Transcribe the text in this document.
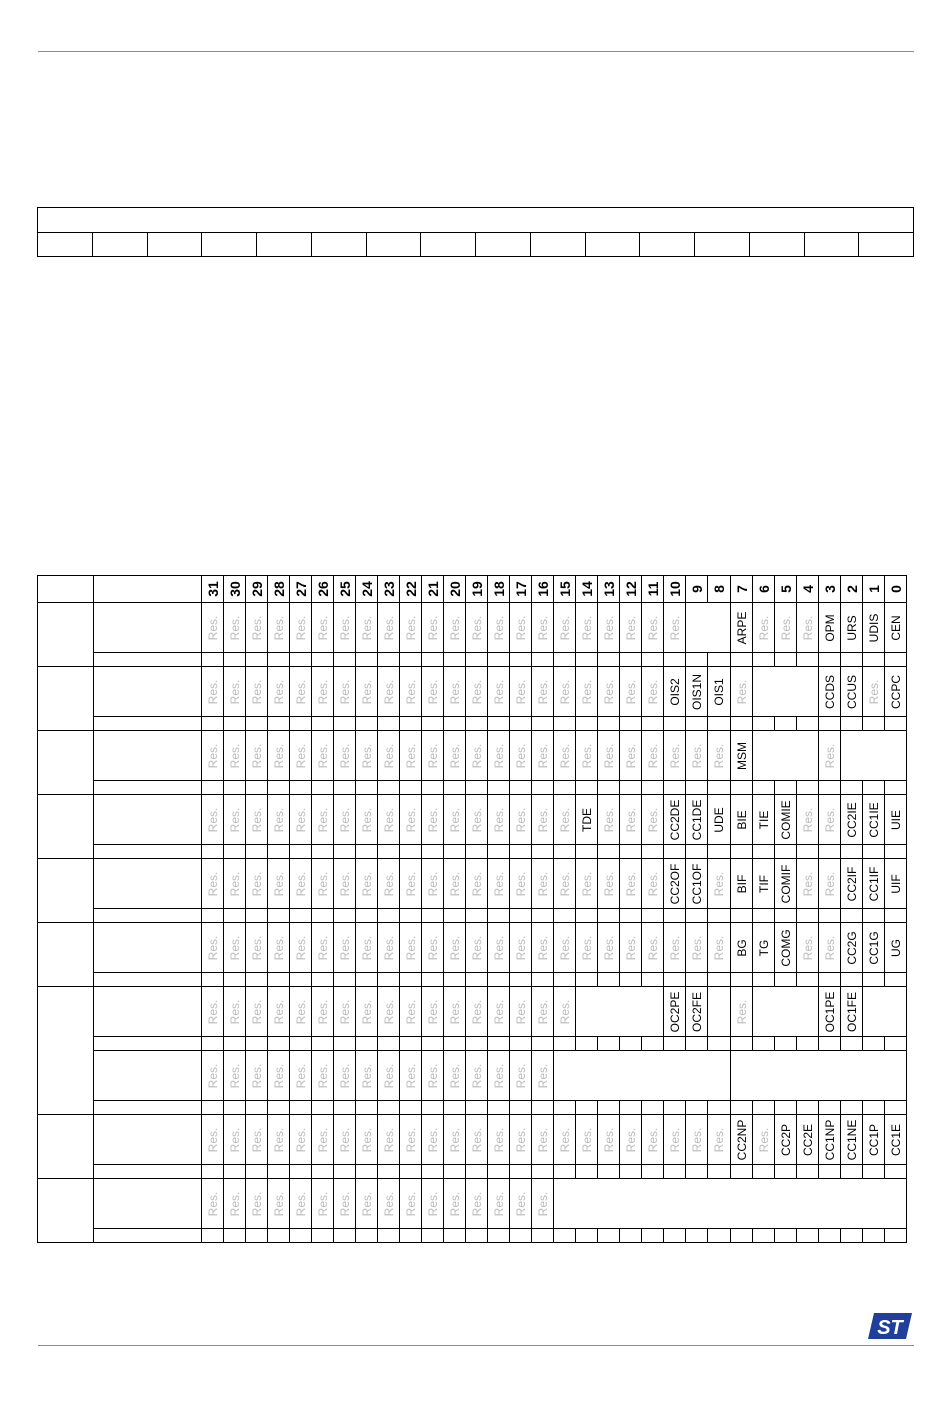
		31	30	29	28	27	26	25	24	23	22	21	20	19	18	17	16	15	14	13	12	11	10	9	8	7	6	5	4	3	2	1	0

		Res.	Res.	Res.	Res.	Res.	Res.	Res.	Res.	Res.	Res.	Res.	Res.	Res.	Res.	Res.	Res.	Res.	Res.	Res.	Res.	Res.	Res.			ARPE	Res.	Res.	Res.	OPM	URS	UDIS	CEN

		Res.	Res.	Res.	Res.	Res.	Res.	Res.	Res.	Res.	Res.	Res.	Res.	Res.	Res.	Res.	Res.	Res.	Res.	Res.	Res.	Res.	OIS2	OIS1N	OIS1	Res.				CCDS	CCUS	Res.	CCPC

		Res.	Res.	Res.	Res.	Res.	Res.	Res.	Res.	Res.	Res.	Res.	Res.	Res.	Res.	Res.	Res.	Res.	Res.	Res.	Res.	Res.	Res.	Res.	Res.	MSM				Res.			

		Res.	Res.	Res.	Res.	Res.	Res.	Res.	Res.	Res.	Res.	Res.	Res.	Res.	Res.	Res.	Res.	Res.	TDE	Res.	Res.	Res.	CC2DE	CC1DE	UDE	BIE	TIE	COMIE	Res.	Res.	CC2IE	CC1IE	UIE

		Res.	Res.	Res.	Res.	Res.	Res.	Res.	Res.	Res.	Res.	Res.	Res.	Res.	Res.	Res.	Res.	Res.	Res.	Res.	Res.	Res.	CC2OF	CC1OF	Res.	BIF	TIF	COMIF	Res.	Res.	CC2IF	CC1IF	UIF

		Res.	Res.	Res.	Res.	Res.	Res.	Res.	Res.	Res.	Res.	Res.	Res.	Res.	Res.	Res.	Res.	Res.	Res.	Res.	Res.	Res.	Res.	Res.	Res.	BG	TG	COMG	Res.	Res.	CC2G	CC1G	UG

		Res.	Res.	Res.	Res.	Res.	Res.	Res.	Res.	Res.	Res.	Res.	Res.	Res.	Res.	Res.	Res.	Res.					OC2PE	OC2FE		Res.				OC1PE	OC1FE		

		Res.	Res.	Res.	Res.	Res.	Res.	Res.	Res.	Res.	Res.	Res.	Res.	Res.	Res.	Res.	Res.																

		Res.	Res.	Res.	Res.	Res.	Res.	Res.	Res.	Res.	Res.	Res.	Res.	Res.	Res.	Res.	Res.	Res.	Res.	Res.	Res.	Res.	Res.	Res.	Res.	CC2NP	Res.	CC2P	CC2E	CC1NP	CC1NE	CC1P	CC1E

		Res.	Res.	Res.	Res.	Res.	Res.	Res.	Res.	Res.	Res.	Res.	Res.	Res.	Res.	Res.	Res.																

ST
